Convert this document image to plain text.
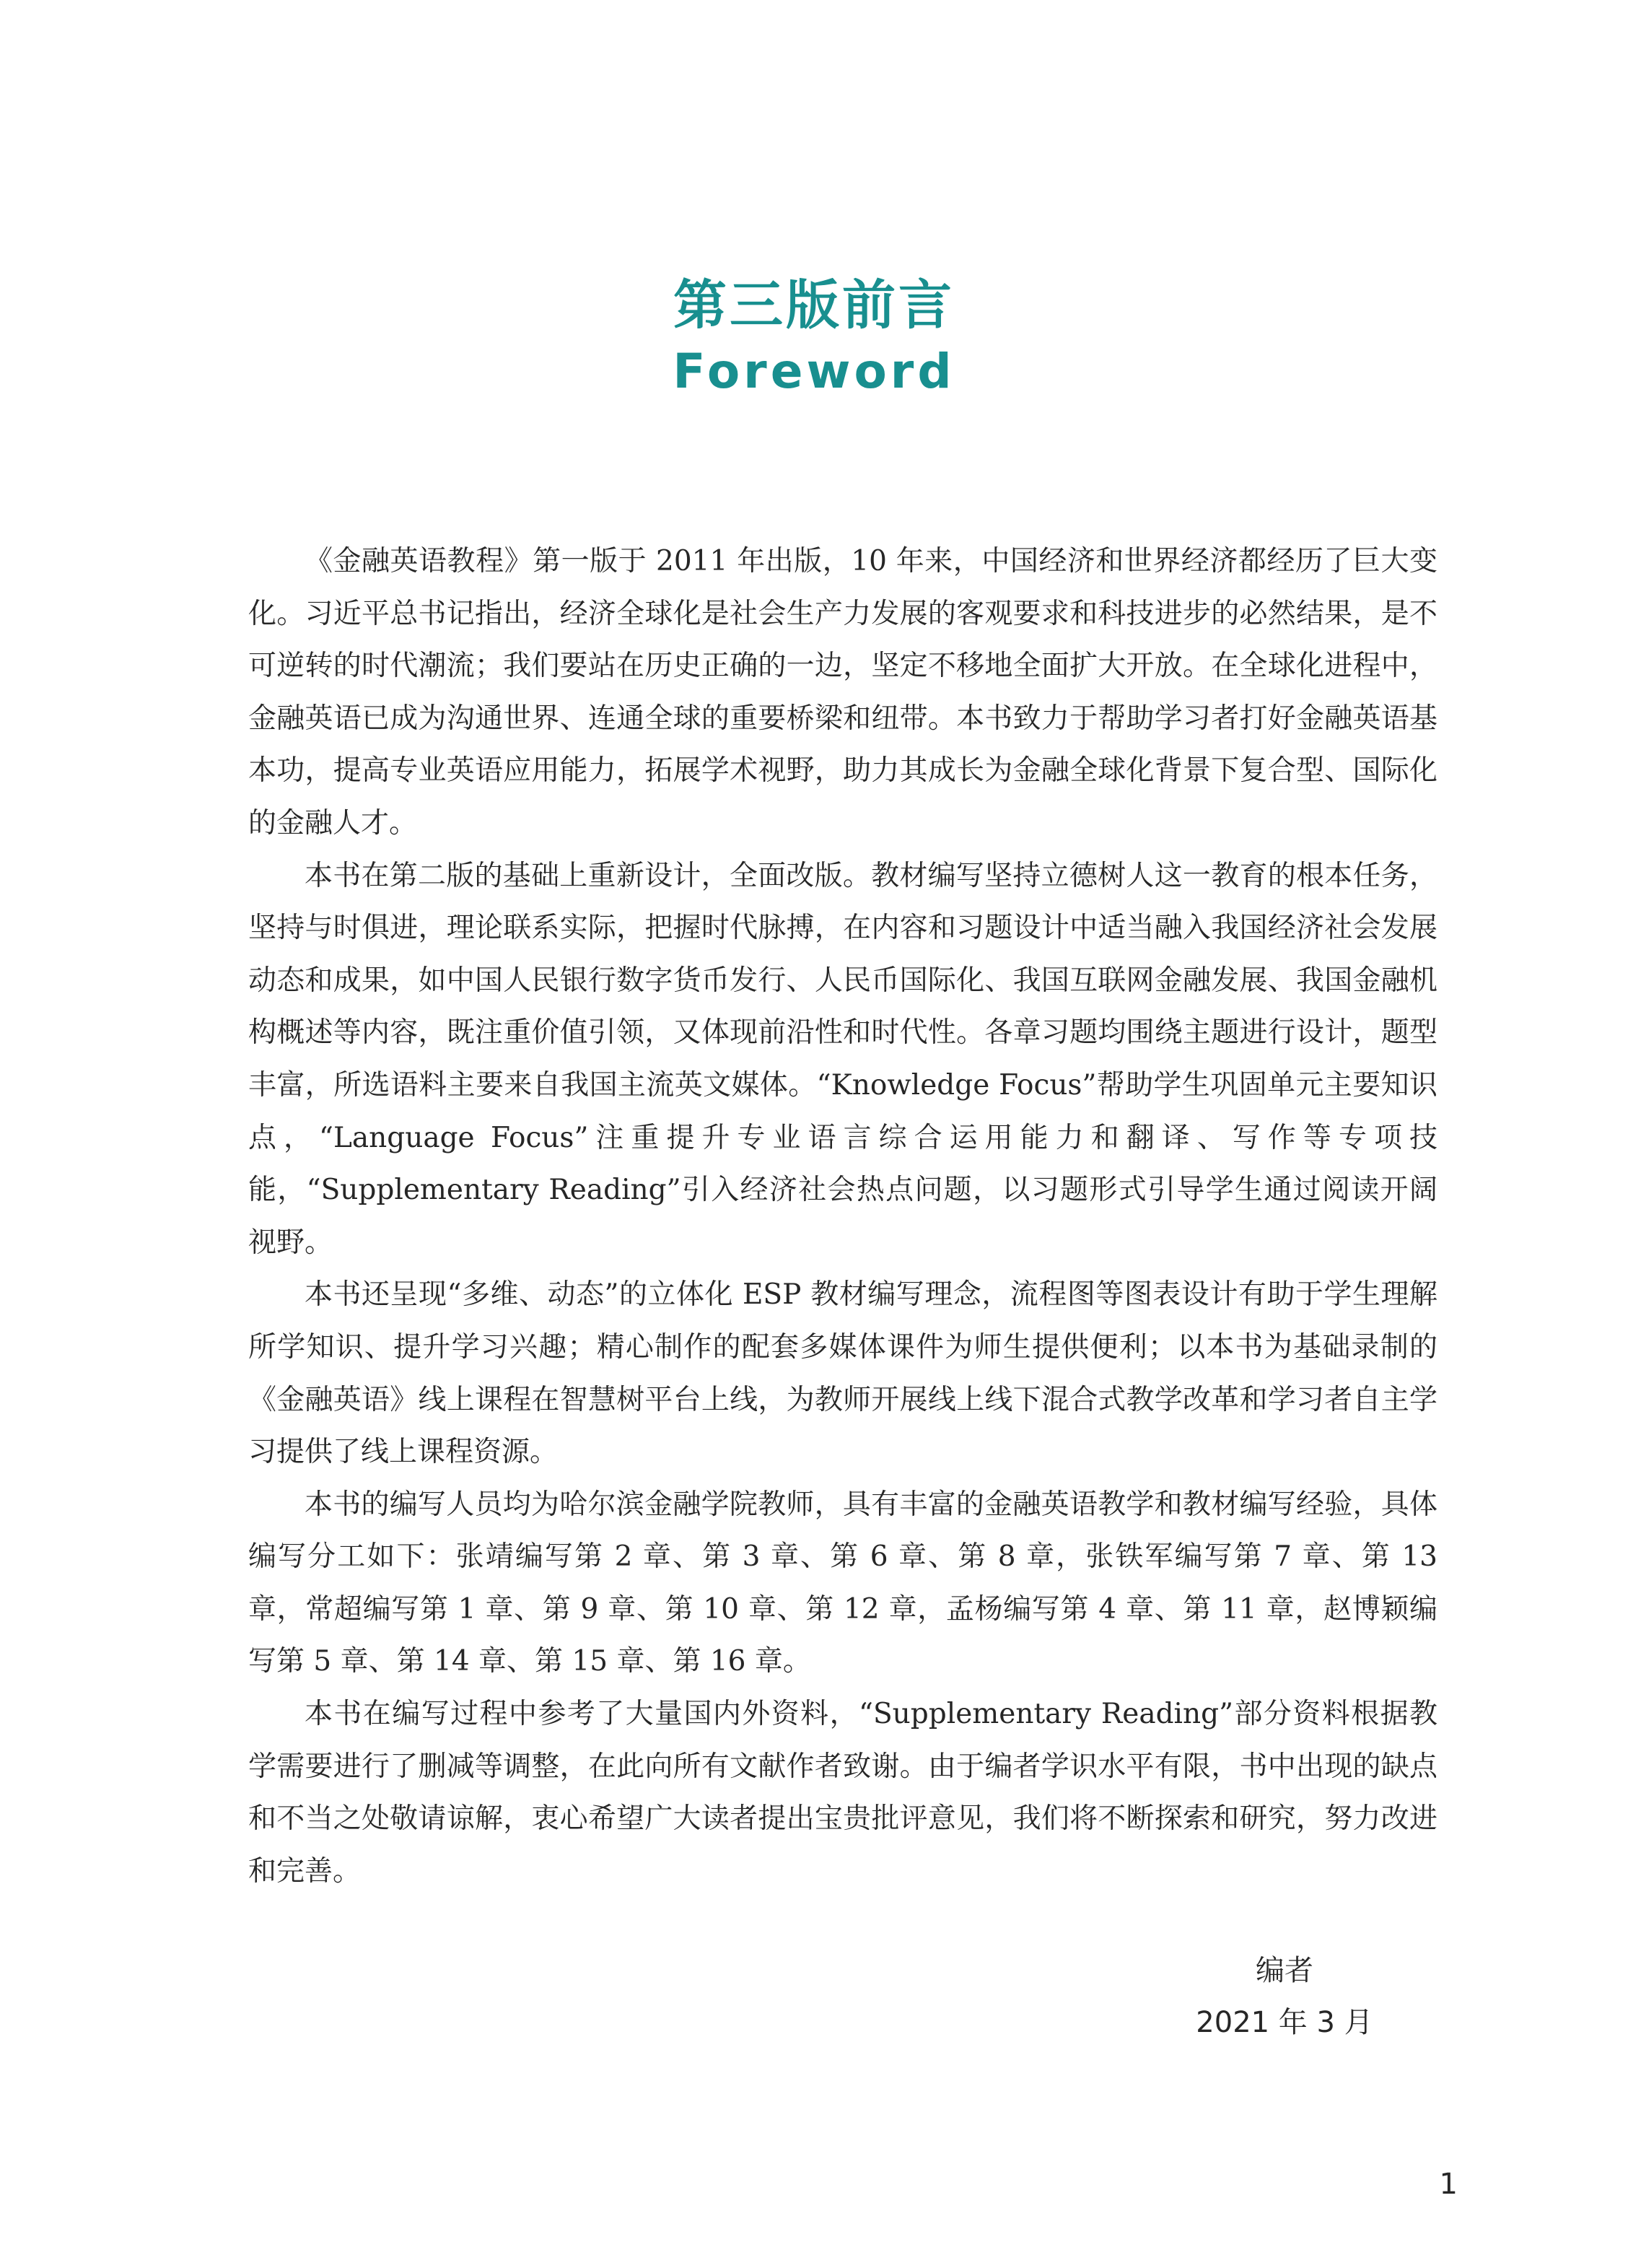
第三版前言
Foreword

《金融英语教程》第一版于 2011 年出版，10 年来，中国经济和世界经济都经历了巨大变化。习近平总书记指出，经济全球化是社会生产力发展的客观要求和科技进步的必然结果，是不可逆转的时代潮流；我们要站在历史正确的一边，坚定不移地全面扩大开放。在全球化进程中，金融英语已成为沟通世界、连通全球的重要桥梁和纽带。本书致力于帮助学习者打好金融英语基本功，提高专业英语应用能力，拓展学术视野，助力其成长为金融全球化背景下复合型、国际化的金融人才。

本书在第二版的基础上重新设计，全面改版。教材编写坚持立德树人这一教育的根本任务，坚持与时俱进，理论联系实际，把握时代脉搏，在内容和习题设计中适当融入我国经济社会发展动态和成果，如中国人民银行数字货币发行、人民币国际化、我国互联网金融发展、我国金融机构概述等内容，既注重价值引领，又体现前沿性和时代性。各章习题均围绕主题进行设计，题型丰富，所选语料主要来自我国主流英文媒体。“Knowledge Focus”帮助学生巩固单元主要知识点，“Language Focus”注重提升专业语言综合运用能力和翻译、写作等专项技能，“Supplementary Reading”引入经济社会热点问题，以习题形式引导学生通过阅读开阔视野。

本书还呈现“多维、动态”的立体化 ESP 教材编写理念，流程图等图表设计有助于学生理解所学知识、提升学习兴趣；精心制作的配套多媒体课件为师生提供便利；以本书为基础录制的《金融英语》线上课程在智慧树平台上线，为教师开展线上线下混合式教学改革和学习者自主学习提供了线上课程资源。

本书的编写人员均为哈尔滨金融学院教师，具有丰富的金融英语教学和教材编写经验，具体编写分工如下：张靖编写第 2 章、第 3 章、第 6 章、第 8 章，张铁军编写第 7 章、第 13 章，常超编写第 1 章、第 9 章、第 10 章、第 12 章，孟杨编写第 4 章、第 11 章，赵博颖编写第 5 章、第 14 章、第 15 章、第 16 章。

本书在编写过程中参考了大量国内外资料，“Supplementary Reading”部分资料根据教学需要进行了删减等调整，在此向所有文献作者致谢。由于编者学识水平有限，书中出现的缺点和不当之处敬请谅解，衷心希望广大读者提出宝贵批评意见，我们将不断探索和研究，努力改进和完善。

编者
2021 年 3 月
1
